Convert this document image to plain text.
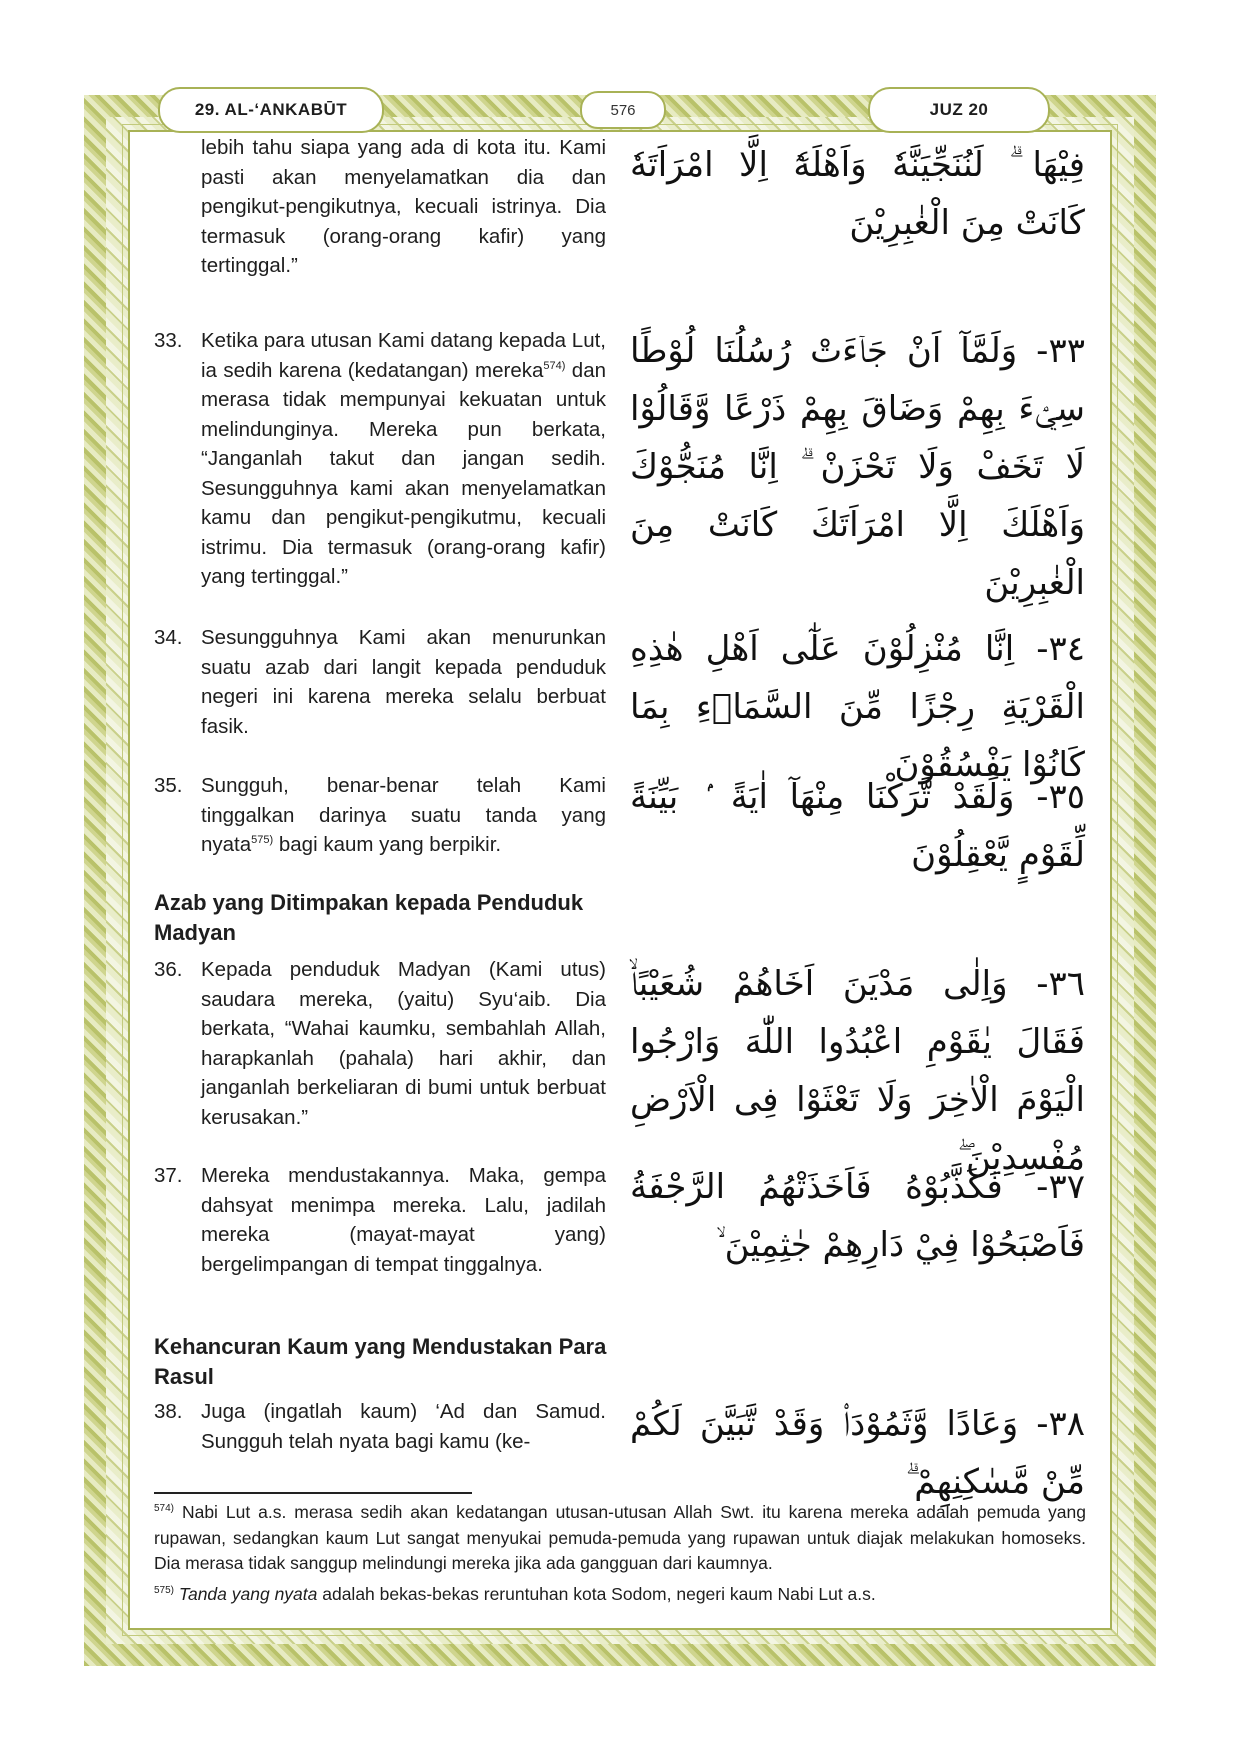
29. AL-‘ANKABŪT	576	JUZ 20
lebih tahu siapa yang ada di kota itu. Kami pasti akan menyelamatkan dia dan pengikut-pengikutnya, kecuali istrinya. Dia termasuk (orang-orang kafir) yang tertinggal.”
فِيْهَا ۗ لَنُنَجِّيَنَّهٗ وَاَهْلَهٗٓ اِلَّا امْرَاَتَهٗ كَانَتْ مِنَ الْغٰبِرِيْنَ
33. Ketika para utusan Kami datang kepada Lut, ia sedih karena (kedatangan) mereka$^{574)}$ dan merasa tidak mempunyai kekuatan untuk melindunginya. Mereka pun berkata, “Janganlah takut dan jangan sedih. Sesungguhnya kami akan menyelamatkan kamu dan pengikut-pengikutmu, kecuali istrimu. Dia termasuk (orang-orang kafir) yang tertinggal.”
٣٣- وَلَمَّآ اَنْ جَاۤءَتْ رُسُلُنَا لُوْطًا سِيْۤءَ بِهِمْ وَضَاقَ بِهِمْ ذَرْعًا وَّقَالُوْا لَا تَخَفْ وَلَا تَحْزَنْ ۗ اِنَّا مُنَجُّوْكَ وَاَهْلَكَ اِلَّا امْرَاَتَكَ كَانَتْ مِنَ الْغٰبِرِيْنَ
34. Sesungguhnya Kami akan menurunkan suatu azab dari langit kepada penduduk negeri ini karena mereka selalu berbuat fasik.
٣٤- اِنَّا مُنْزِلُوْنَ عَلٰٓى اَهْلِ هٰذِهِ الْقَرْيَةِ رِجْزًا مِّنَ السَّمَاۤءِ بِمَا كَانُوْا يَفْسُقُوْنَ
35. Sungguh, benar-benar telah Kami tinggalkan darinya suatu tanda yang nyata$^{575)}$ bagi kaum yang berpikir.
٣٥- وَلَقَدْ تَّرَكْنَا مِنْهَآ اٰيَةً ۢ بَيِّنَةً لِّقَوْمٍ يَّعْقِلُوْنَ
Azab yang Ditimpakan kepada Penduduk Madyan
36. Kepada penduduk Madyan (Kami utus) saudara mereka, (yaitu) Syu‘aib. Dia berkata, “Wahai kaumku, sembahlah Allah, harapkanlah (pahala) hari akhir, dan janganlah berkeliaran di bumi untuk berbuat kerusakan.”
٣٦- وَاِلٰى مَدْيَنَ اَخَاهُمْ شُعَيْبًاۙ فَقَالَ يٰقَوْمِ اعْبُدُوا اللّٰهَ وَارْجُوا الْيَوْمَ الْاٰخِرَ وَلَا تَعْثَوْا فِى الْاَرْضِ مُفْسِدِيْنَ ۖ
37. Mereka mendustakannya. Maka, gempa dahsyat menimpa mereka. Lalu, jadilah mereka (mayat-mayat yang) bergelimpangan di tempat tinggalnya.
٣٧- فَكَذَّبُوْهُ فَاَخَذَتْهُمُ الرَّجْفَةُ فَاَصْبَحُوْا فِيْ دَارِهِمْ جٰثِمِيْنَ ۙ
Kehancuran Kaum yang Mendustakan Para Rasul
38. Juga (ingatlah kaum) ‘Ad dan Samud. Sungguh telah nyata bagi kamu (ke-	٣٨- وَعَادًا وَّثَمُوْدَا۟ وَقَدْ تَّبَيَّنَ لَكُمْ مِّنْ مَّسٰكِنِهِمْ ۗ
$^{574)}$ Nabi Lut a.s. merasa sedih akan kedatangan utusan-utusan Allah Swt. itu karena mereka adalah pemuda yang rupawan, sedangkan kaum Lut sangat menyukai pemuda-pemuda yang rupawan untuk diajak melakukan homoseks. Dia merasa tidak sanggup melindungi mereka jika ada gangguan dari kaumnya.
$^{575)}$ Tanda yang nyata adalah bekas-bekas reruntuhan kota Sodom, negeri kaum Nabi Lut a.s.
